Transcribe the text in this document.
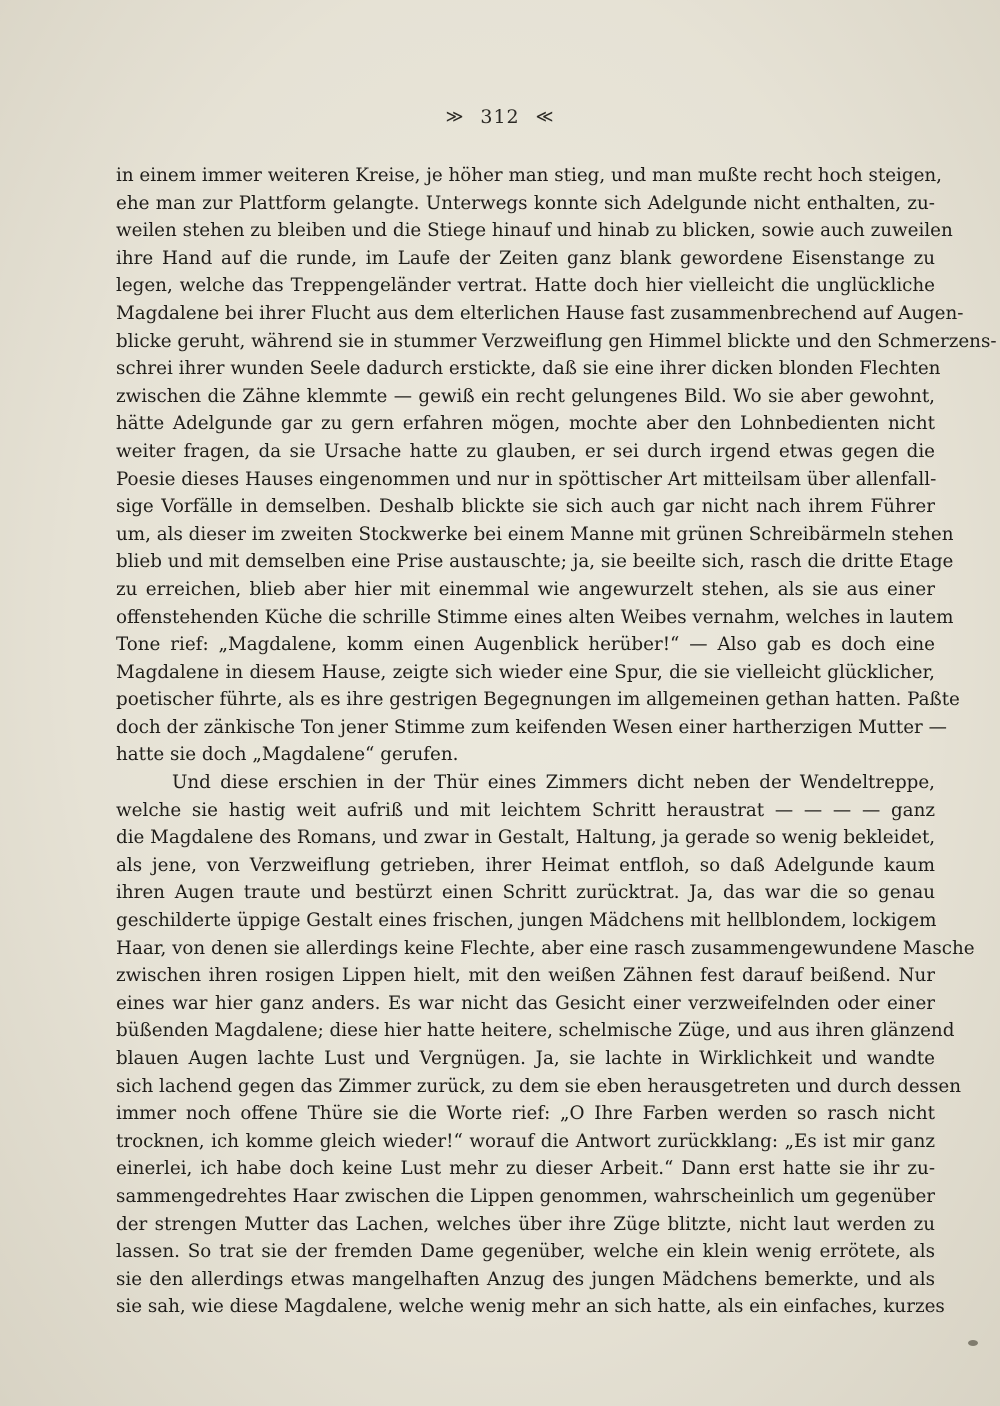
≫ 312 ≪
in einem immer weiteren Kreise, je höher man stieg, und man mußte recht hoch steigen,
ehe man zur Plattform gelangte. Unterwegs konnte sich Adelgunde nicht enthalten, zu-
weilen stehen zu bleiben und die Stiege hinauf und hinab zu blicken, sowie auch zuweilen
ihre Hand auf die runde, im Laufe der Zeiten ganz blank gewordene Eisenstange zu
legen, welche das Treppengeländer vertrat. Hatte doch hier vielleicht die unglückliche
Magdalene bei ihrer Flucht aus dem elterlichen Hause fast zusammenbrechend auf Augen-
blicke geruht, während sie in stummer Verzweiflung gen Himmel blickte und den Schmerzens-
schrei ihrer wunden Seele dadurch erstickte, daß sie eine ihrer dicken blonden Flechten
zwischen die Zähne klemmte — gewiß ein recht gelungenes Bild. Wo sie aber gewohnt,
hätte Adelgunde gar zu gern erfahren mögen, mochte aber den Lohnbedienten nicht
weiter fragen, da sie Ursache hatte zu glauben, er sei durch irgend etwas gegen die
Poesie dieses Hauses eingenommen und nur in spöttischer Art mitteilsam über allenfall-
sige Vorfälle in demselben. Deshalb blickte sie sich auch gar nicht nach ihrem Führer
um, als dieser im zweiten Stockwerke bei einem Manne mit grünen Schreibärmeln stehen
blieb und mit demselben eine Prise austauschte; ja, sie beeilte sich, rasch die dritte Etage
zu erreichen, blieb aber hier mit einemmal wie angewurzelt stehen, als sie aus einer
offenstehenden Küche die schrille Stimme eines alten Weibes vernahm, welches in lautem
Tone rief: „Magdalene, komm einen Augenblick herüber!“ — Also gab es doch eine
Magdalene in diesem Hause, zeigte sich wieder eine Spur, die sie vielleicht glücklicher,
poetischer führte, als es ihre gestrigen Begegnungen im allgemeinen gethan hatten. Paßte
doch der zänkische Ton jener Stimme zum keifenden Wesen einer hartherzigen Mutter —
hatte sie doch „Magdalene“ gerufen.
Und diese erschien in der Thür eines Zimmers dicht neben der Wendeltreppe,
welche sie hastig weit aufriß und mit leichtem Schritt heraustrat — — — — ganz
die Magdalene des Romans, und zwar in Gestalt, Haltung, ja gerade so wenig bekleidet,
als jene, von Verzweiflung getrieben, ihrer Heimat entfloh, so daß Adelgunde kaum
ihren Augen traute und bestürzt einen Schritt zurücktrat. Ja, das war die so genau
geschilderte üppige Gestalt eines frischen, jungen Mädchens mit hellblondem, lockigem
Haar, von denen sie allerdings keine Flechte, aber eine rasch zusammengewundene Masche
zwischen ihren rosigen Lippen hielt, mit den weißen Zähnen fest darauf beißend. Nur
eines war hier ganz anders. Es war nicht das Gesicht einer verzweifelnden oder einer
büßenden Magdalene; diese hier hatte heitere, schelmische Züge, und aus ihren glänzend
blauen Augen lachte Lust und Vergnügen. Ja, sie lachte in Wirklichkeit und wandte
sich lachend gegen das Zimmer zurück, zu dem sie eben herausgetreten und durch dessen
immer noch offene Thüre sie die Worte rief: „O Ihre Farben werden so rasch nicht
trocknen, ich komme gleich wieder!“ worauf die Antwort zurückklang: „Es ist mir ganz
einerlei, ich habe doch keine Lust mehr zu dieser Arbeit.“ Dann erst hatte sie ihr zu-
sammengedrehtes Haar zwischen die Lippen genommen, wahrscheinlich um gegenüber
der strengen Mutter das Lachen, welches über ihre Züge blitzte, nicht laut werden zu
lassen. So trat sie der fremden Dame gegenüber, welche ein klein wenig errötete, als
sie den allerdings etwas mangelhaften Anzug des jungen Mädchens bemerkte, und als
sie sah, wie diese Magdalene, welche wenig mehr an sich hatte, als ein einfaches, kurzes
